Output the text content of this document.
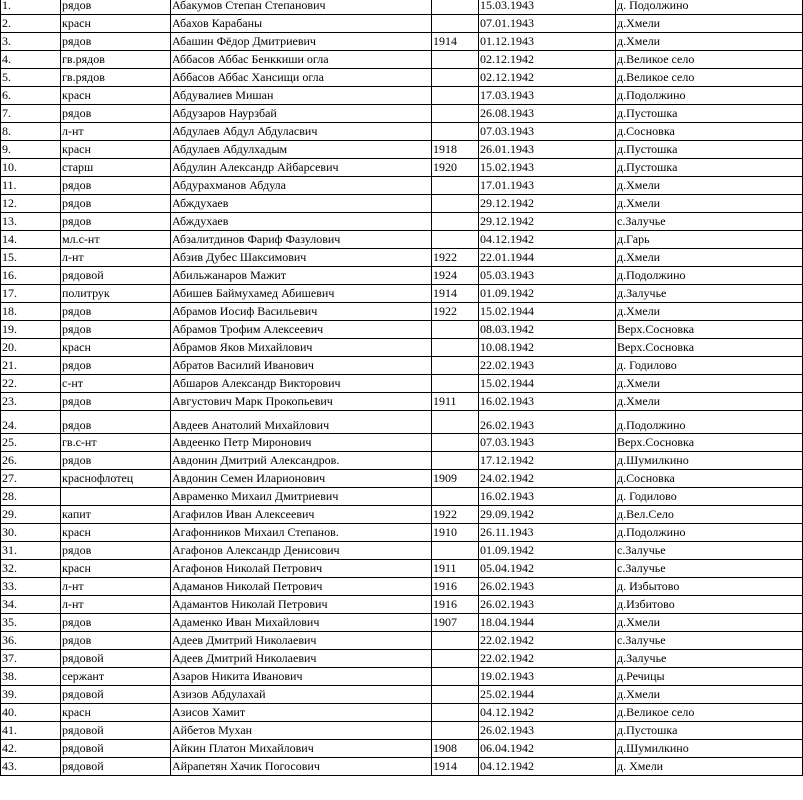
1.	рядов	Абакумов Степан Степанович		15.03.1943	д. Подолжино
2.	красн	Абахов Карабаны		07.01.1943	д.Хмели
3.	рядов	Абашин Фёдор Дмитриевич	1914	01.12.1943	д.Хмели
4.	гв.рядов	Аббасов Аббас Бенккиши огла		02.12.1942	д.Великое село
5.	гв.рядов	Аббасов Аббас Хансищи огла		02.12.1942	д.Великое село
6.	красн	Абдувалиев Мишан		17.03.1943	д.Подолжино
7.	рядов	Абдузаров Наурзбай		26.08.1943	д.Пустошка
8.	л-нт	Абдулаев Абдул Абдуласвич		07.03.1943	д.Сосновка
9.	красн	Абдулаев Абдулхадым	1918	26.01.1943	д.Пустошка
10.	старш	Абдулин Александр Айбарсевич	1920	15.02.1943	д.Пустошка
11.	рядов	Абдурахманов Абдула		17.01.1943	д.Хмели
12.	рядов	Абждухаев		29.12.1942	д.Хмели
13.	рядов	Абждухаев		29.12.1942	с.Залучье
14.	мл.с-нт	Абзалитдинов Фариф Фазулович		04.12.1942	д.Гарь
15.	л-нт	Абзив Дубес Шаксимович	1922	22.01.1944	д.Хмели
16.	рядовой	Абильжанаров Мажит	1924	05.03.1943	д.Подолжино
17.	политрук	Абишев Баймухамед Абишевич	1914	01.09.1942	д.Залучье
18.	рядов	Абрамов Иосиф Васильевич	1922	15.02.1944	д.Хмели
19.	рядов	Абрамов Трофим Алексеевич		08.03.1942	Верх.Сосновка
20.	красн	Абрамов Яков Михайлович		10.08.1942	Верх.Сосновка
21.	рядов	Абратов Василий Иванович		22.02.1943	д. Годилово
22.	с-нт	Абшаров Александр Викторович		15.02.1944	д.Хмели
23.	рядов	Августович Марк Прокопьевич	1911	16.02.1943	д.Хмели
24.	рядов	Авдеев Анатолий Михайлович		26.02.1943	д.Подолжино
25.	гв.с-нт	Авдеенко Петр Миронович		07.03.1943	Верх.Сосновка
26.	рядов	Авдонин Дмитрий Александров.		17.12.1942	д.Шумилкино
27.	краснофлотец	Авдонин Семен Иларионович	1909	24.02.1942	д.Сосновка
28.		Авраменко Михаил Дмитриевич		16.02.1943	д. Годилово
29.	капит	Агафилов Иван Алексеевич	1922	29.09.1942	д.Вел.Село
30.	красн	Агафонников Михаил Степанов.	1910	26.11.1943	д.Подолжино
31.	рядов	Агафонов Александр Денисович		01.09.1942	с.Залучье
32.	красн	Агафонов Николай Петрович	1911	05.04.1942	с.Залучье
33.	л-нт	Адаманов Николай Петрович	1916	26.02.1943	д. Избытово
34.	л-нт	Адамантов Николай Петрович	1916	26.02.1943	д.Избитово
35.	рядов	Адаменко Иван Михайлович	1907	18.04.1944	д.Хмели
36.	рядов	Адеев Дмитрий Николаевич		22.02.1942	с.Залучье
37.	рядовой	Адеев Дмитрий Николаевич		22.02.1942	д.Залучье
38.	сержант	Азаров Никита Иванович		19.02.1943	д.Речицы
39.	рядовой	Азизов Абдулахай		25.02.1944	д.Хмели
40.	красн	Азисов Хамит		04.12.1942	д.Великое село
41.	рядовой	Айбетов Мухан		26.02.1943	д.Пустошка
42.	рядовой	Айкин Платон Михайлович	1908	06.04.1942	д.Шумилкино
43.	рядовой	Айрапетян Хачик Погосович	1914	04.12.1942	д. Хмели
